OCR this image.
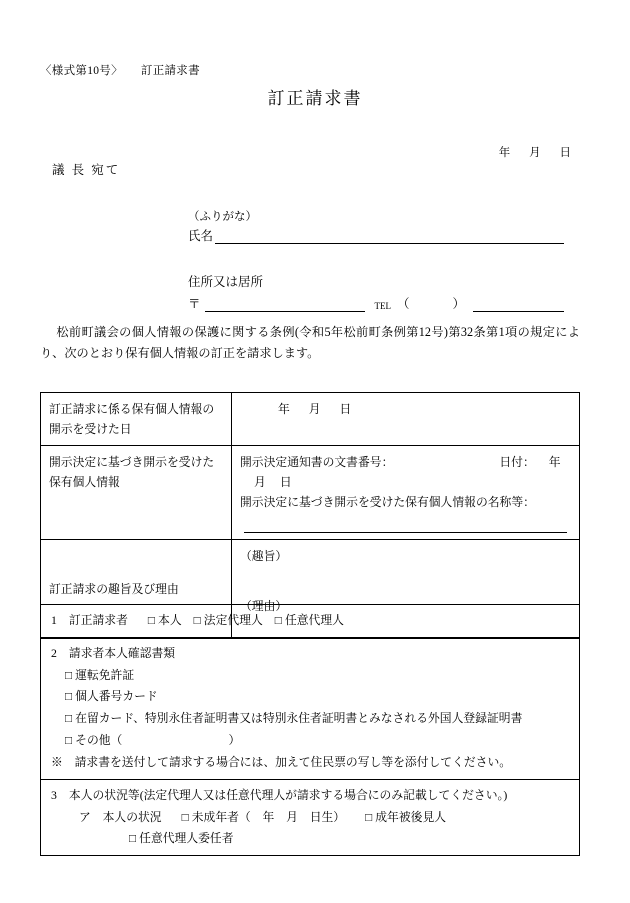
〈様式第10号〉 訂正請求書
訂正請求書
年 月 日
議 長 宛て
（ふりがな）
氏名
住所又は居所
〒	TEL （　　）
松前町議会の個人情報の保護に関する条例(令和5年松前町条例第12号)第32条第1項の規定により、次のとおり保有個人情報の訂正を請求します。
訂正請求に係る保有個人情報の開示を受けた日	年 月 日

開示決定に基づき開示を受けた保有個人情報	開示決定通知書の文書番号： 日付： 年月 日
開示決定に基づき開示を受けた保有個人情報の名称等：

訂正請求の趣旨及び理由	（趣旨）
（理由）
1 訂正請求者 □ 本人 □ 法定代理人 □ 任意代理人

2 請求者本人確認書類
□ 運転免許証
□ 個人番号カード
□ 在留カード、特別永住者証明書又は特別永住者証明書とみなされる外国人登録証明書
□ その他（　　　　　　　　　）
※　請求書を送付して請求する場合には、加えて住民票の写し等を添付してください。

3 本人の状況等(法定代理人又は任意代理人が請求する場合にのみ記載してください。)
ア　本人の状況 □ 未成年者（　年　月　日生） □ 成年被後見人
□ 任意代理人委任者
